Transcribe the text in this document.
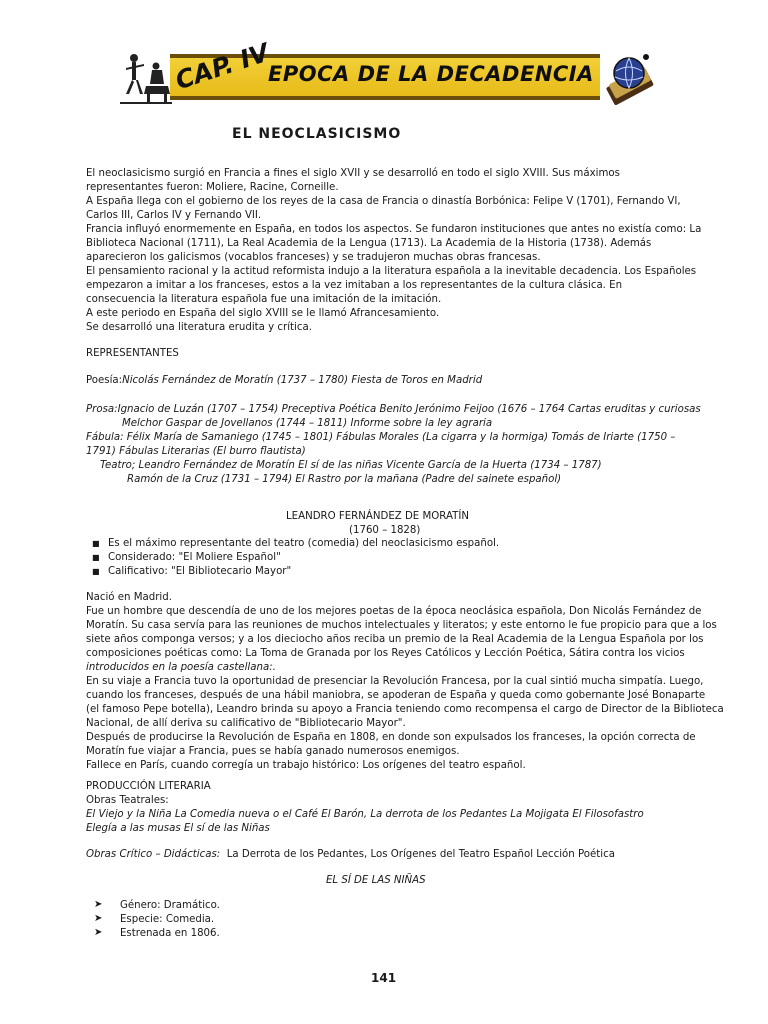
CAP. IV
EPOCA DE LA DECADENCIA
EL NEOCLASICISMO
El neoclasicismo surgió en Francia a fines el siglo XVII y se desarrolló en todo el siglo XVIII. Sus máximos
representantes fueron: Moliere, Racine, Corneille.
A España llega con el gobierno de los reyes de la casa de Francia o dinastía Borbónica: Felipe V (1701), Fernando VI,
Carlos III, Carlos IV y Fernando VII.
Francia influyó enormemente en España, en todos los aspectos. Se fundaron instituciones que antes no existía como: La
Biblioteca Nacional (1711), La Real Academia de la Lengua (1713). La Academia de la Historia (1738). Además
aparecieron los galicismos (vocablos franceses) y se tradujeron muchas obras francesas.
El pensamiento racional y la actitud reformista indujo a la literatura española a la inevitable decadencia. Los Españoles
empezaron a imitar a los franceses, estos a la vez imitaban a los representantes de la cultura clásica. En
consecuencia la literatura española fue una imitación de la imitación.
A este periodo en España del siglo XVIII se le llamó Afrancesamiento.
Se desarrolló una literatura erudita y crítica.
REPRESENTANTES
Poesía:Nicolás Fernández de Moratín (1737 – 1780) Fiesta de Toros en Madrid
Prosa:Ignacio de Luzán (1707 – 1754) Preceptiva Poética Benito Jerónimo Feijoo (1676 – 1764 Cartas eruditas y curiosas
Melchor Gaspar de Jovellanos (1744 – 1811) Informe sobre la ley agraria
Fábula: Félix María de Samaniego (1745 – 1801) Fábulas Morales (La cigarra y la hormiga) Tomás de Iriarte (1750 –
1791) Fábulas Literarias (El burro flautista)
Teatro; Leandro Fernández de Moratín El sí de las niñas Vicente García de la Huerta (1734 – 1787)
Ramón de la Cruz (1731 – 1794) El Rastro por la mañana (Padre del sainete español)
LEANDRO FERNÁNDEZ DE MORATÍN
(1760 – 1828)
■ Es el máximo representante del teatro (comedia) del neoclasicismo español.
■ Considerado: "El Moliere Español"
■ Calificativo: "El Bibliotecario Mayor"
Nació en Madrid.
Fue un hombre que descendía de uno de los mejores poetas de la época neoclásica española, Don Nicolás Fernández de
Moratín. Su casa servía para las reuniones de muchos intelectuales y literatos; y este entorno le fue propicio para que a los
siete años componga versos; y a los dieciocho años reciba un premio de la Real Academia de la Lengua Española por los
composiciones poéticas como: La Toma de Granada por los Reyes Católicos y Lección Poética, Sátira contra los vicios
introducidos en la poesía castellana:.
En su viaje a Francia tuvo la oportunidad de presenciar la Revolución Francesa, por la cual sintió mucha simpatía. Luego,
cuando los franceses, después de una hábil maniobra, se apoderan de España y queda como gobernante José Bonaparte
(el famoso Pepe botella), Leandro brinda su apoyo a Francia teniendo como recompensa el cargo de Director de la Biblioteca
Nacional, de allí deriva su calificativo de "Bibliotecario Mayor".
Después de producirse la Revolución de España en 1808, en donde son expulsados los franceses, la opción correcta de
Moratín fue viajar a Francia, pues se había ganado numerosos enemigos.
Fallece en París, cuando corregía un trabajo histórico: Los orígenes del teatro español.
PRODUCCIÓN LITERARIA
Obras Teatrales:
El Viejo y la Niña La Comedia nueva o el Café El Barón, La derrota de los Pedantes La Mojigata El Filosofastro
Elegía a las musas El sí de las Niñas
Obras Crítico – Didácticas: La Derrota de los Pedantes, Los Orígenes del Teatro Español Lección Poética
EL SÍ DE LAS NIÑAS
➤ Género: Dramático.
➤ Especie: Comedia.
➤ Estrenada en 1806.
141
